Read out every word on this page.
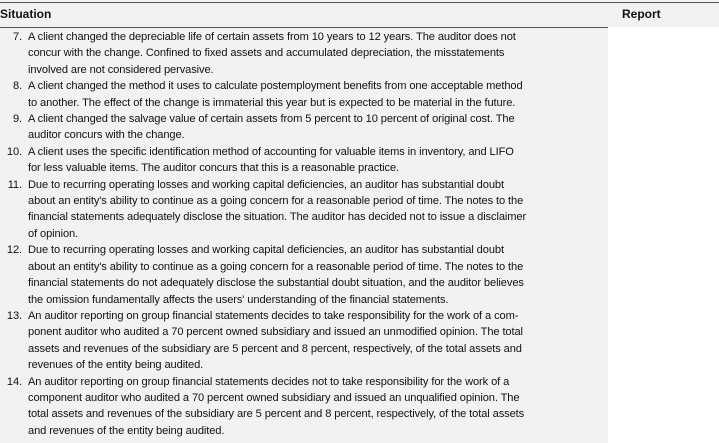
Situation	Report
7. A client changed the depreciable life of certain assets from 10 years to 12 years. The auditor does not
concur with the change. Confined to fixed assets and accumulated depreciation, the misstatements
involved are not considered pervasive.
8. A client changed the method it uses to calculate postemployment benefits from one acceptable method
to another. The effect of the change is immaterial this year but is expected to be material in the future.
9. A client changed the salvage value of certain assets from 5 percent to 10 percent of original cost. The
auditor concurs with the change.
10. A client uses the specific identification method of accounting for valuable items in inventory, and LIFO
for less valuable items. The auditor concurs that this is a reasonable practice.
11. Due to recurring operating losses and working capital deficiencies, an auditor has substantial doubt
about an entity's ability to continue as a going concern for a reasonable period of time. The notes to the
financial statements adequately disclose the situation. The auditor has decided not to issue a disclaimer
of opinion.
12. Due to recurring operating losses and working capital deficiencies, an auditor has substantial doubt
about an entity's ability to continue as a going concern for a reasonable period of time. The notes to the
financial statements do not adequately disclose the substantial doubt situation, and the auditor believes
the omission fundamentally affects the users' understanding of the financial statements.
13. An auditor reporting on group financial statements decides to take responsibility for the work of a com-
ponent auditor who audited a 70 percent owned subsidiary and issued an unmodified opinion. The total
assets and revenues of the subsidiary are 5 percent and 8 percent, respectively, of the total assets and
revenues of the entity being audited.
14. An auditor reporting on group financial statements decides not to take responsibility for the work of a
component auditor who audited a 70 percent owned subsidiary and issued an unqualified opinion. The
total assets and revenues of the subsidiary are 5 percent and 8 percent, respectively, of the total assets
and revenues of the entity being audited.
